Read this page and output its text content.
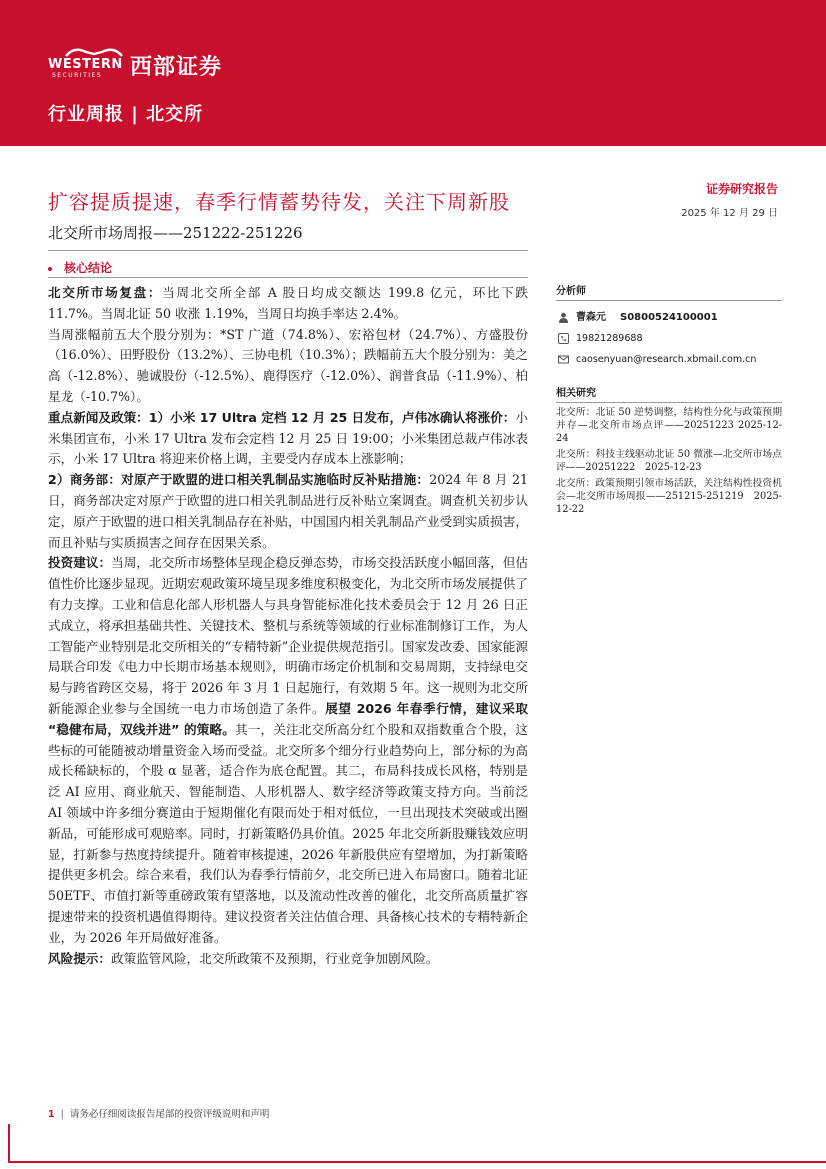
WESTERN
SECURITIES 西部证券
行业周报 | 北交所
扩容提质提速，春季行情蓄势待发，关注下周新股
证券研究报告
2025 年 12 月 29 日
北交所市场周报——251222-251226
核心结论

北交所市场复盘：当周北交所全部 A 股日均成交额达 199.8 亿元，环比下跌 11.7%。当周北证 50 收涨 1.19%，当周日均换手率达 2.4%。

当周涨幅前五大个股分别为：*ST 广道（74.8%）、宏裕包材（24.7%）、方盛股份（16.0%）、田野股份（13.2%）、三协电机（10.3%）；跌幅前五大个股分别为：美之高（-12.8%）、驰诚股份（-12.5%）、鹿得医疗（-12.0%）、润普食品（-11.9%）、柏星龙（-10.7%）。

重点新闻及政策：1）小米 17 Ultra 定档 12 月 25 日发布，卢伟冰确认将涨价：小米集团宣布，小米 17 Ultra 发布会定档 12 月 25 日 19:00；小米集团总裁卢伟冰表示，小米 17 Ultra 将迎来价格上调，主要受内存成本上涨影响；

2）商务部：对原产于欧盟的进口相关乳制品实施临时反补贴措施：2024 年 8 月 21 日，商务部决定对原产于欧盟的进口相关乳制品进行反补贴立案调查。调查机关初步认定，原产于欧盟的进口相关乳制品存在补贴，中国国内相关乳制品产业受到实质损害，而且补贴与实质损害之间存在因果关系。

投资建议：当周，北交所市场整体呈现企稳反弹态势，市场交投活跃度小幅回落，但估值性价比逐步显现。近期宏观政策环境呈现多维度积极变化，为北交所市场发展提供了有力支撑。工业和信息化部人形机器人与具身智能标准化技术委员会于 12 月 26 日正式成立，将承担基础共性、关键技术、整机与系统等领域的行业标准制修订工作，为人工智能产业特别是北交所相关的“专精特新”企业提供规范指引。国家发改委、国家能源局联合印发《电力中长期市场基本规则》，明确市场定价机制和交易周期，支持绿电交易与跨省跨区交易，将于 2026 年 3 月 1 日起施行，有效期 5 年。这一规则为北交所新能源企业参与全国统一电力市场创造了条件。展望 2026 年春季行情，建议采取 “稳健布局，双线并进” 的策略。其一，关注北交所高分红个股和双指数重合个股，这些标的可能随被动增量资金入场而受益。北交所多个细分行业趋势向上，部分标的为高成长稀缺标的，个股 α 显著，适合作为底仓配置。其二，布局科技成长风格，特别是泛 AI 应用、商业航天、智能制造、人形机器人、数字经济等政策支持方向。当前泛 AI 领域中许多细分赛道由于短期催化有限而处于相对低位，一旦出现技术突破或出圈新品，可能形成可观赔率。同时，打新策略仍具价值。2025 年北交所新股赚钱效应明显，打新参与热度持续提升。随着审核提速，2026 年新股供应有望增加，为打新策略提供更多机会。综合来看，我们认为春季行情前夕，北交所已进入布局窗口。随着北证 50ETF、市值打新等重磅政策有望落地，以及流动性改善的催化，北交所高质量扩容提速带来的投资机遇值得期待。建议投资者关注估值合理、具备核心技术的专精特新企业，为 2026 年开局做好准备。

风险提示：政策监管风险，北交所政策不及预期，行业竞争加剧风险。

分析师
曹森元 S0800524100001
19821289688
caosenyuan@research.xbmail.com.cn
相关研究
北交所：北证 50 逆势调整，结构性分化与政策预期并存—北交所市场点评——20251223 2025-12-24
北交所：科技主线驱动北证 50 微涨—北交所市场点评——20251222　2025-12-23
北交所：政策预期引领市场活跃，关注结构性投资机会—北交所市场周报——251215-251219　2025-12-22
1 | 请务必仔细阅读报告尾部的投资评级说明和声明
